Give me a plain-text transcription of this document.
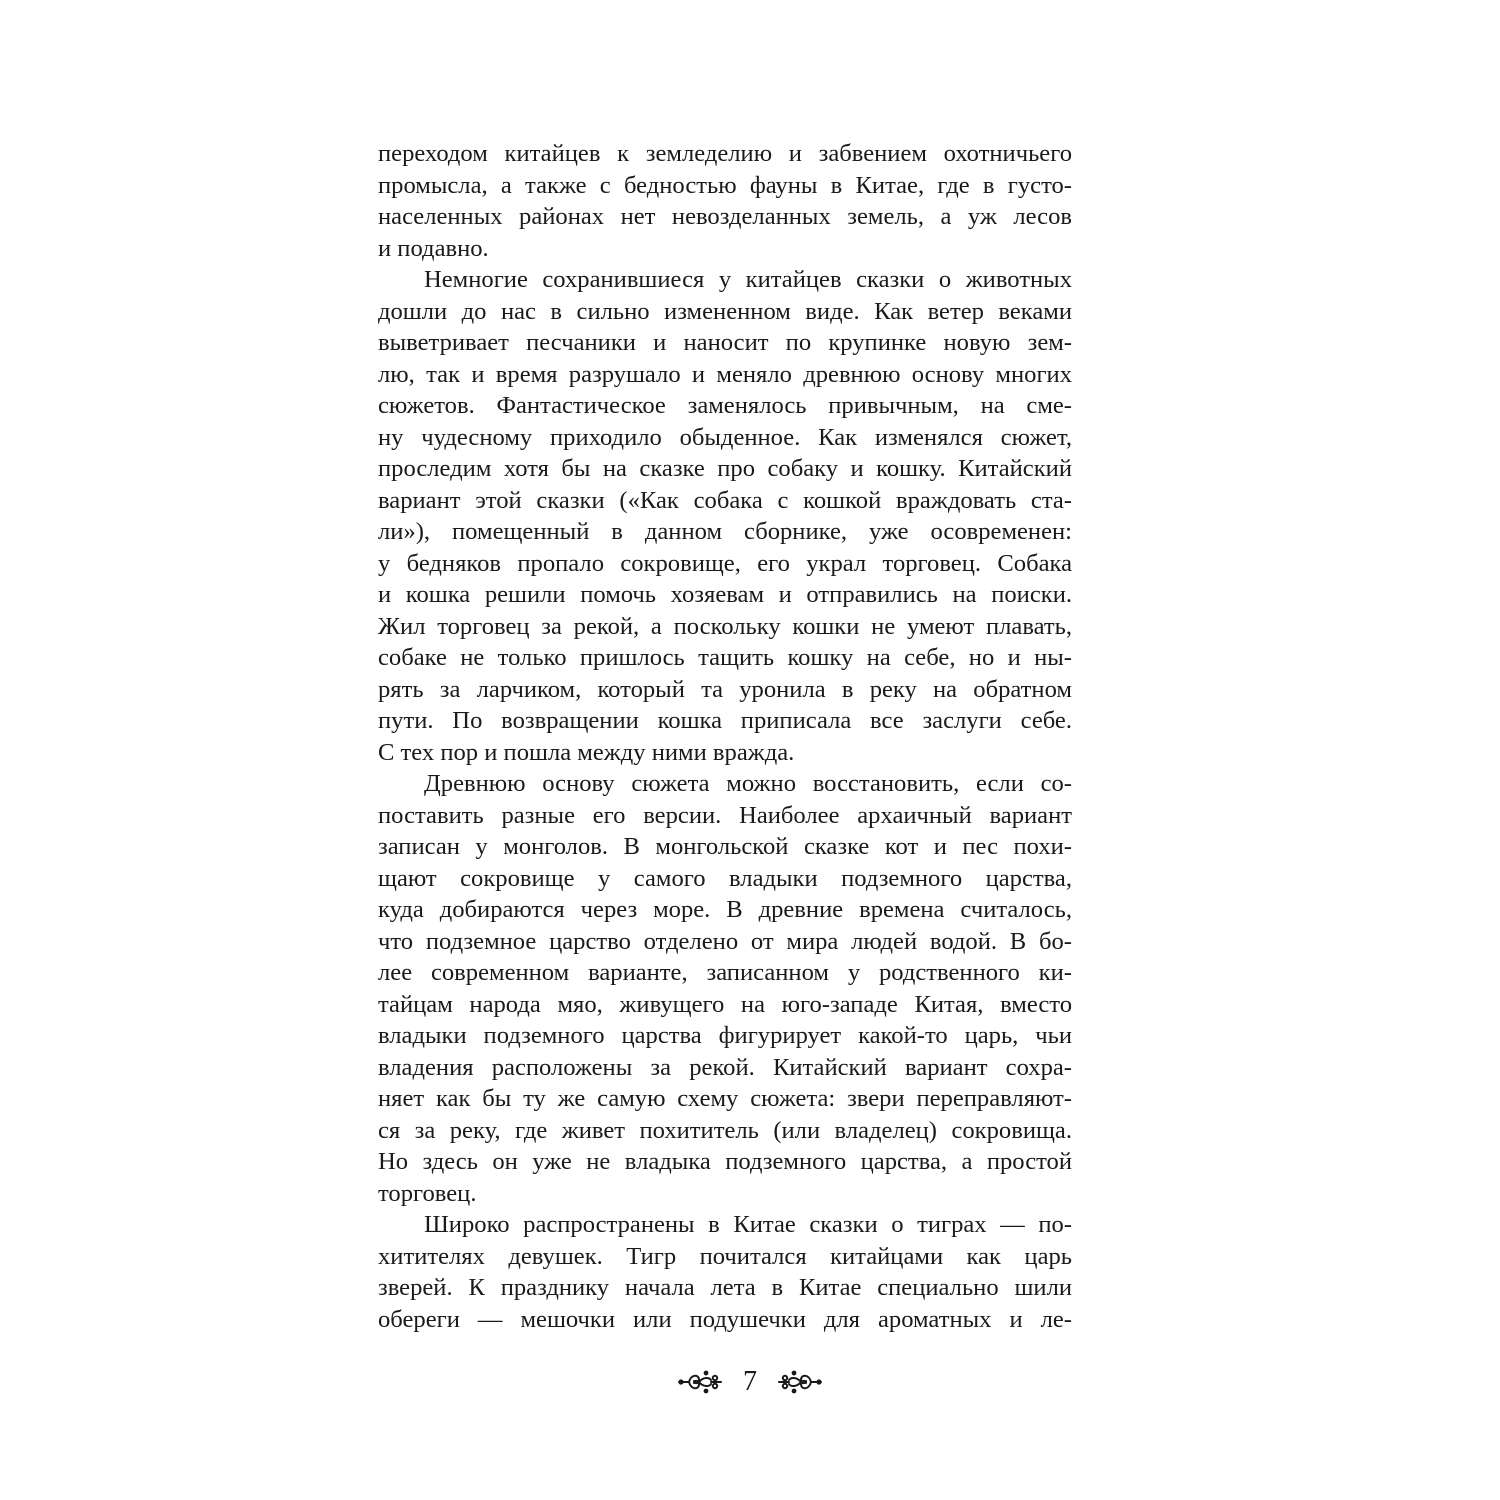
переходом китайцев к земледелию и забвением охотничьего
промысла, а также с бедностью фауны в Китае, где в густо-
населенных районах нет невозделанных земель, а уж лесов
и подавно.
Немногие сохранившиеся у китайцев сказки о животных
дошли до нас в сильно измененном виде. Как ветер веками
выветривает песчаники и наносит по крупинке новую зем-
лю, так и время разрушало и меняло древнюю основу многих
сюжетов. Фантастическое заменялось привычным, на сме-
ну чудесному приходило обыденное. Как изменялся сюжет,
проследим хотя бы на сказке про собаку и кошку. Китайский
вариант этой сказки («Как собака с кошкой враждовать ста-
ли»), помещенный в данном сборнике, уже осовременен:
у бедняков пропало сокровище, его украл торговец. Собака
и кошка решили помочь хозяевам и отправились на поиски.
Жил торговец за рекой, а поскольку кошки не умеют плавать,
собаке не только пришлось тащить кошку на себе, но и ны-
рять за ларчиком, который та уронила в реку на обратном
пути. По возвращении кошка приписала все заслуги себе.
С тех пор и пошла между ними вражда.
Древнюю основу сюжета можно восстановить, если со-
поставить разные его версии. Наиболее архаичный вариант
записан у монголов. В монгольской сказке кот и пес похи-
щают сокровище у самого владыки подземного царства,
куда добираются через море. В древние времена считалось,
что подземное царство отделено от мира людей водой. В бо-
лее современном варианте, записанном у родственного ки-
тайцам народа мяо, живущего на юго-западе Китая, вместо
владыки подземного царства фигурирует какой-то царь, чьи
владения расположены за рекой. Китайский вариант сохра-
няет как бы ту же самую схему сюжета: звери переправляют-
ся за реку, где живет похититель (или владелец) сокровища.
Но здесь он уже не владыка подземного царства, а простой
торговец.
Широко распространены в Китае сказки о тиграх — по-
хитителях девушек. Тигр почитался китайцами как царь
зверей. К празднику начала лета в Китае специально шили
обереги — мешочки или подушечки для ароматных и ле-
7
